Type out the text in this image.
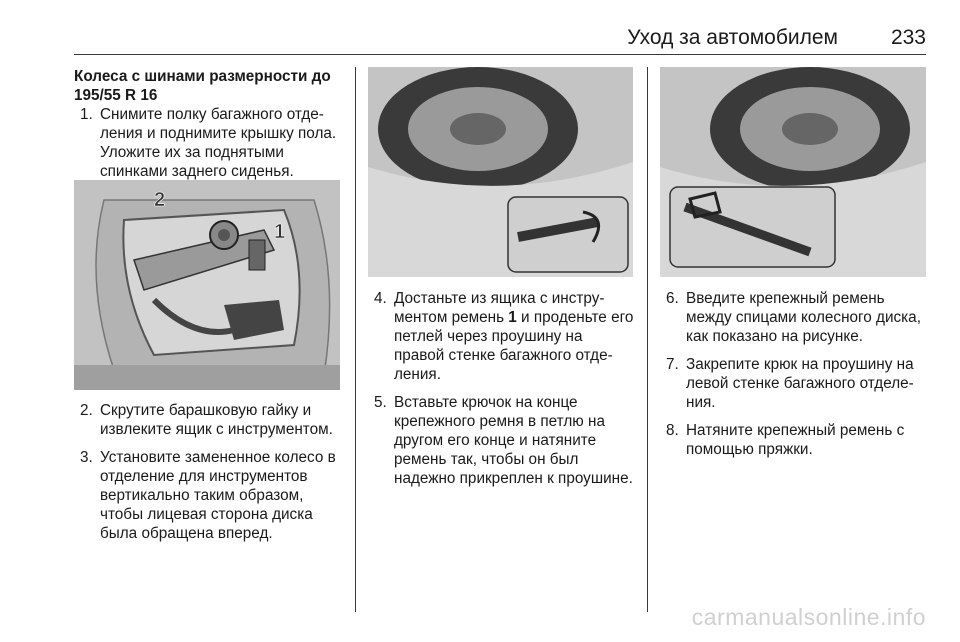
Уход за автомобилем	233

Колеса с шинами размерности до 195/55 R 16

1. Снимите полку багажного отделения и поднимите крышку пола. Уложите их за поднятыми спинками заднего сиденья.
2
1
2. Скрутите барашковую гайку и извлеките ящик с инструментом.
3. Установите замененное колесо в отделение для инструментов вертикально таким образом, чтобы лицевая сторона диска была обращена вперед.
4. Достаньте из ящика с инструментом ремень 1 и проденьте его петлей через проушину на правой стенке багажного отделения.
5. Вставьте крючок на конце крепежного ремня в петлю на другом его конце и натяните ремень так, чтобы он был надежно прикреплен к проушине.
6. Введите крепежный ремень между спицами колесного диска, как показано на рисунке.
7. Закрепите крюк на проушину на левой стенке багажного отделения.
8. Натяните крепежный ремень с помощью пряжки.
carmanualsonline.info
